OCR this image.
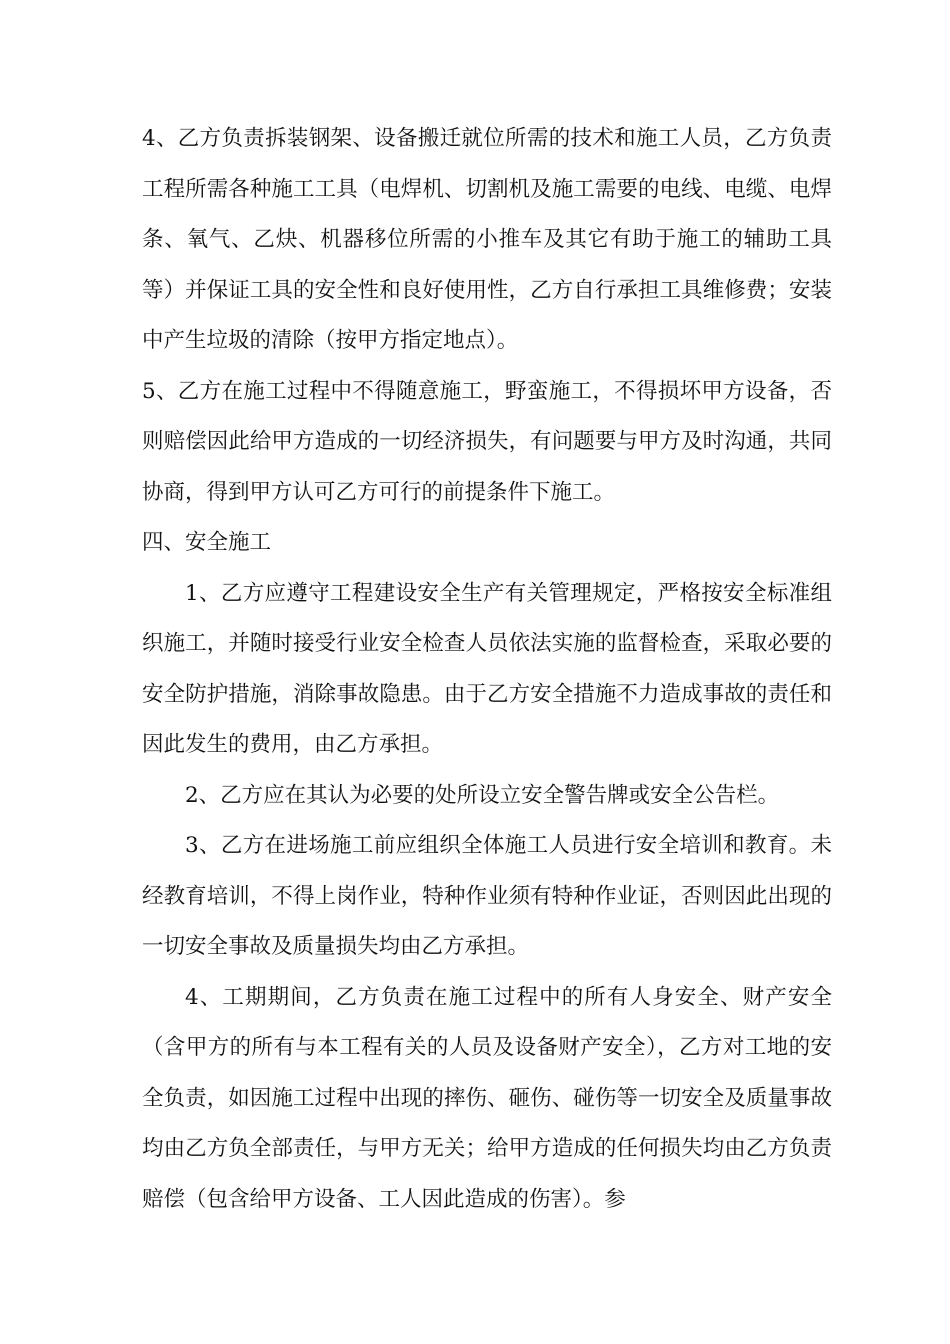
4、乙方负责拆装钢架、设备搬迁就位所需的技术和施工人员，乙方负责工程所需各种施工工具（电焊机、切割机及施工需要的电线、电缆、电焊条、氧气、乙炔、机器移位所需的小推车及其它有助于施工的辅助工具等）并保证工具的安全性和良好使用性，乙方自行承担工具维修费；安装中产生垃圾的清除（按甲方指定地点）。

5、乙方在施工过程中不得随意施工，野蛮施工，不得损坏甲方设备，否则赔偿因此给甲方造成的一切经济损失，有问题要与甲方及时沟通，共同协商，得到甲方认可乙方可行的前提条件下施工。

四、安全施工

1、乙方应遵守工程建设安全生产有关管理规定，严格按安全标准组织施工，并随时接受行业安全检查人员依法实施的监督检查，采取必要的安全防护措施，消除事故隐患。由于乙方安全措施不力造成事故的责任和因此发生的费用，由乙方承担。

2、乙方应在其认为必要的处所设立安全警告牌或安全公告栏。

3、乙方在进场施工前应组织全体施工人员进行安全培训和教育。未经教育培训，不得上岗作业，特种作业须有特种作业证，否则因此出现的一切安全事故及质量损失均由乙方承担。

4、工期期间，乙方负责在施工过程中的所有人身安全、财产安全（含甲方的所有与本工程有关的人员及设备财产安全），乙方对工地的安全负责，如因施工过程中出现的摔伤、砸伤、碰伤等一切安全及质量事故均由乙方负全部责任，与甲方无关；给甲方造成的任何损失均由乙方负责赔偿（包含给甲方设备、工人因此造成的伤害）。参
